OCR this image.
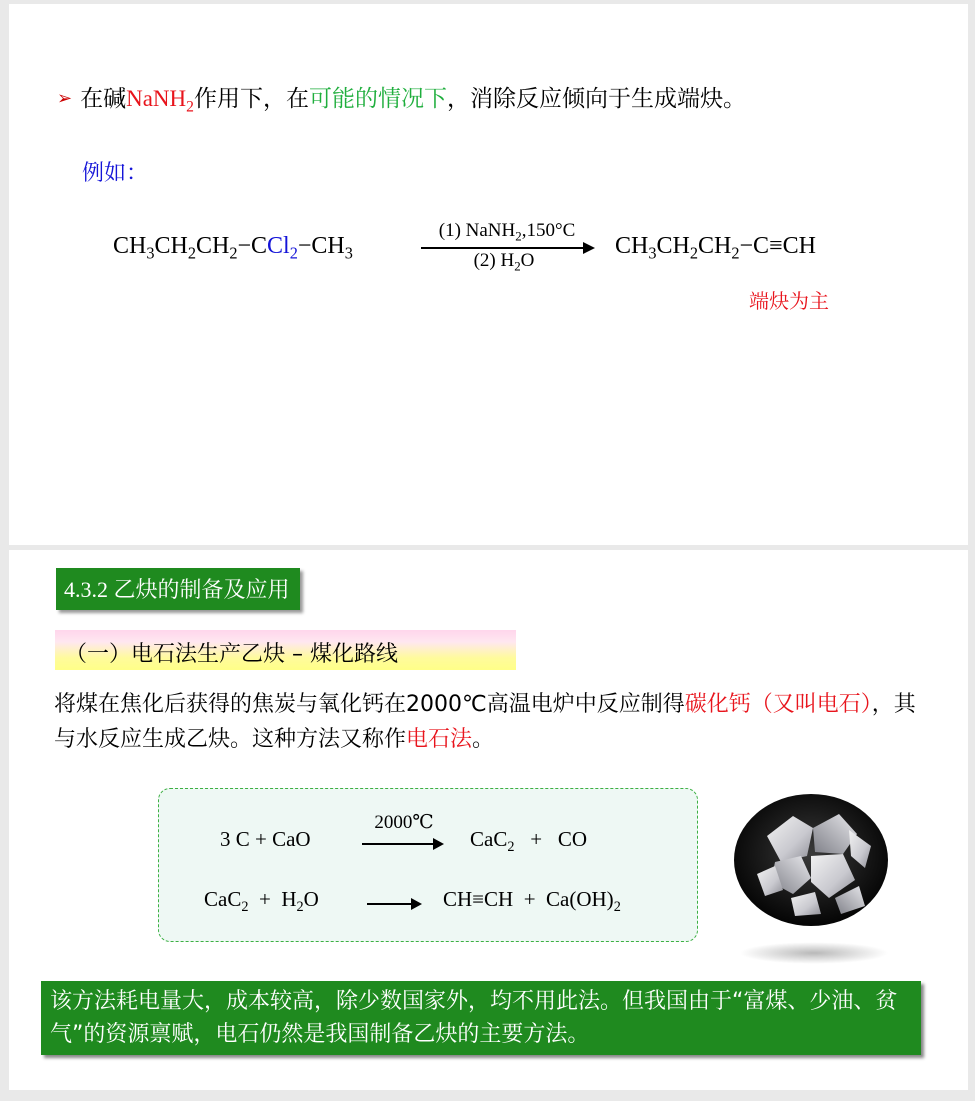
➢ 在碱NaNH$_2$作用下，在可能的情况下，消除反应倾向于生成端炔。
例如：
$CH_3CH_2CH_2-CCl_2-CH_3$
(1) NaNH$_2$,150°C
(2) $H_2O$
$CH_3CH_2CH_2-C\equiv CH$
端炔为主
4.3.2 乙炔的制备及应用
（一）电石法生产乙炔 – 煤化路线
将煤在焦化后获得的焦炭与氧化钙在2000℃高温电炉中反应制得碳化钙（又叫电石），其与水反应生成乙炔。这种方法又称作电石法。
3 C + CaO
2000℃
CaC$_2$   +   CO
$CaC_2 + H_2O$	$CH\equiv CH + Ca(OH)_2$
该方法耗电量大，成本较高，除少数国家外，均不用此法。但我国由于“富煤、少油、贫气”的资源禀赋，电石仍然是我国制备乙炔的主要方法。
